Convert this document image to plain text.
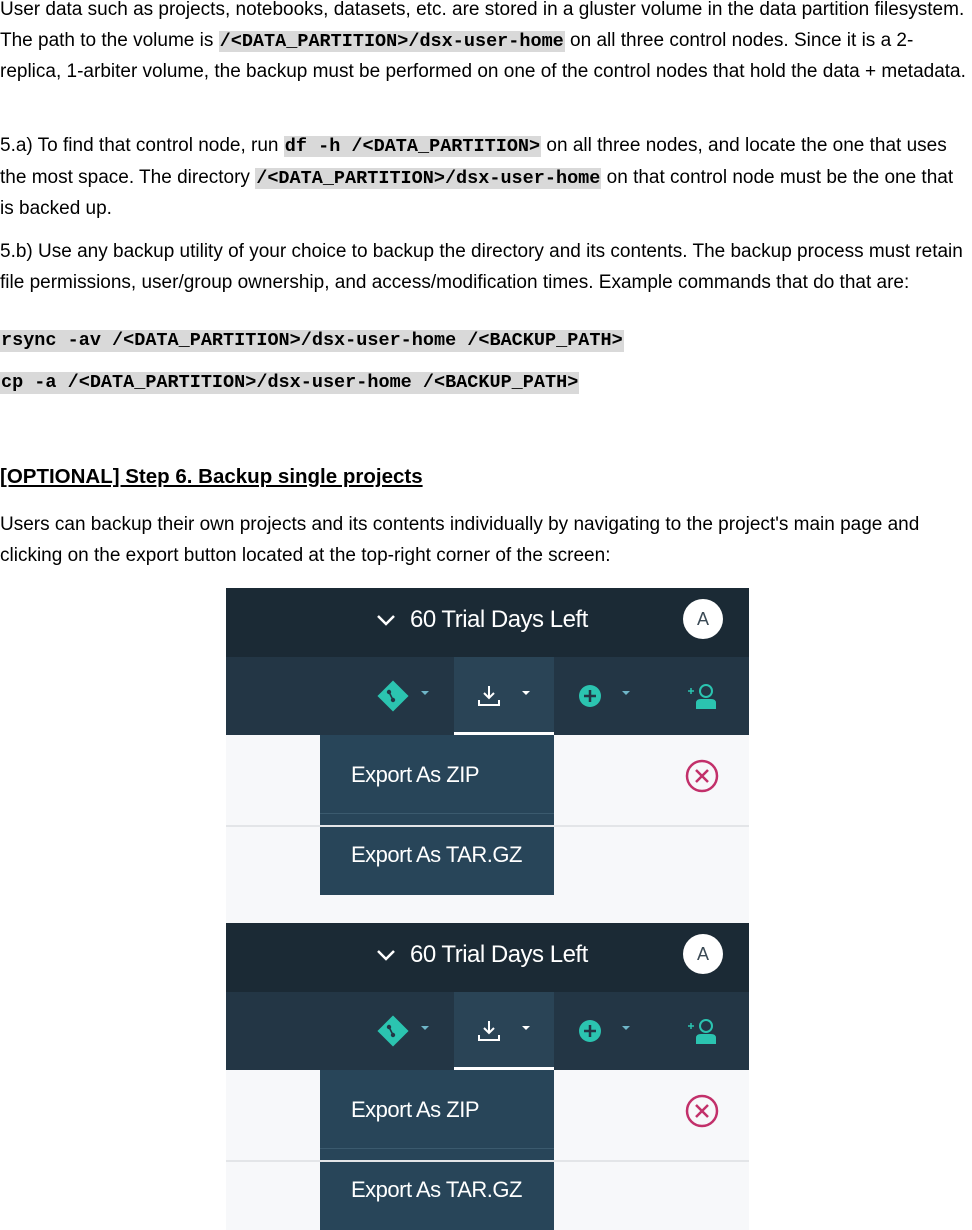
User data such as projects, notebooks, datasets, etc. are stored in a gluster volume in the data partition filesystem. The path to the volume is /<DATA_PARTITION>/dsx-user-home on all three control nodes. Since it is a 2-replica, 1-arbiter volume, the backup must be performed on one of the control nodes that hold the data + metadata.

5.a) To find that control node, run df -h /<DATA_PARTITION> on all three nodes, and locate the one that uses the most space. The directory /<DATA_PARTITION>/dsx-user-home on that control node must be the one that is backed up.

5.b) Use any backup utility of your choice to backup the directory and its contents. The backup process must retain file permissions, user/group ownership, and access/modification times. Example commands that do that are:

rsync -av /<DATA_PARTITION>/dsx-user-home /<BACKUP_PATH>
cp -a /<DATA_PARTITION>/dsx-user-home /<BACKUP_PATH>
[OPTIONAL] Step 6. Backup single projects

Users can backup their own projects and its contents individually by navigating to the project's main page and clicking on the export button located at the top-right corner of the screen:

60 Trial Days Left	A
Export As ZIP
Export As TAR.GZ
60 Trial Days Left	A
Export As ZIP
Export As TAR.GZ
